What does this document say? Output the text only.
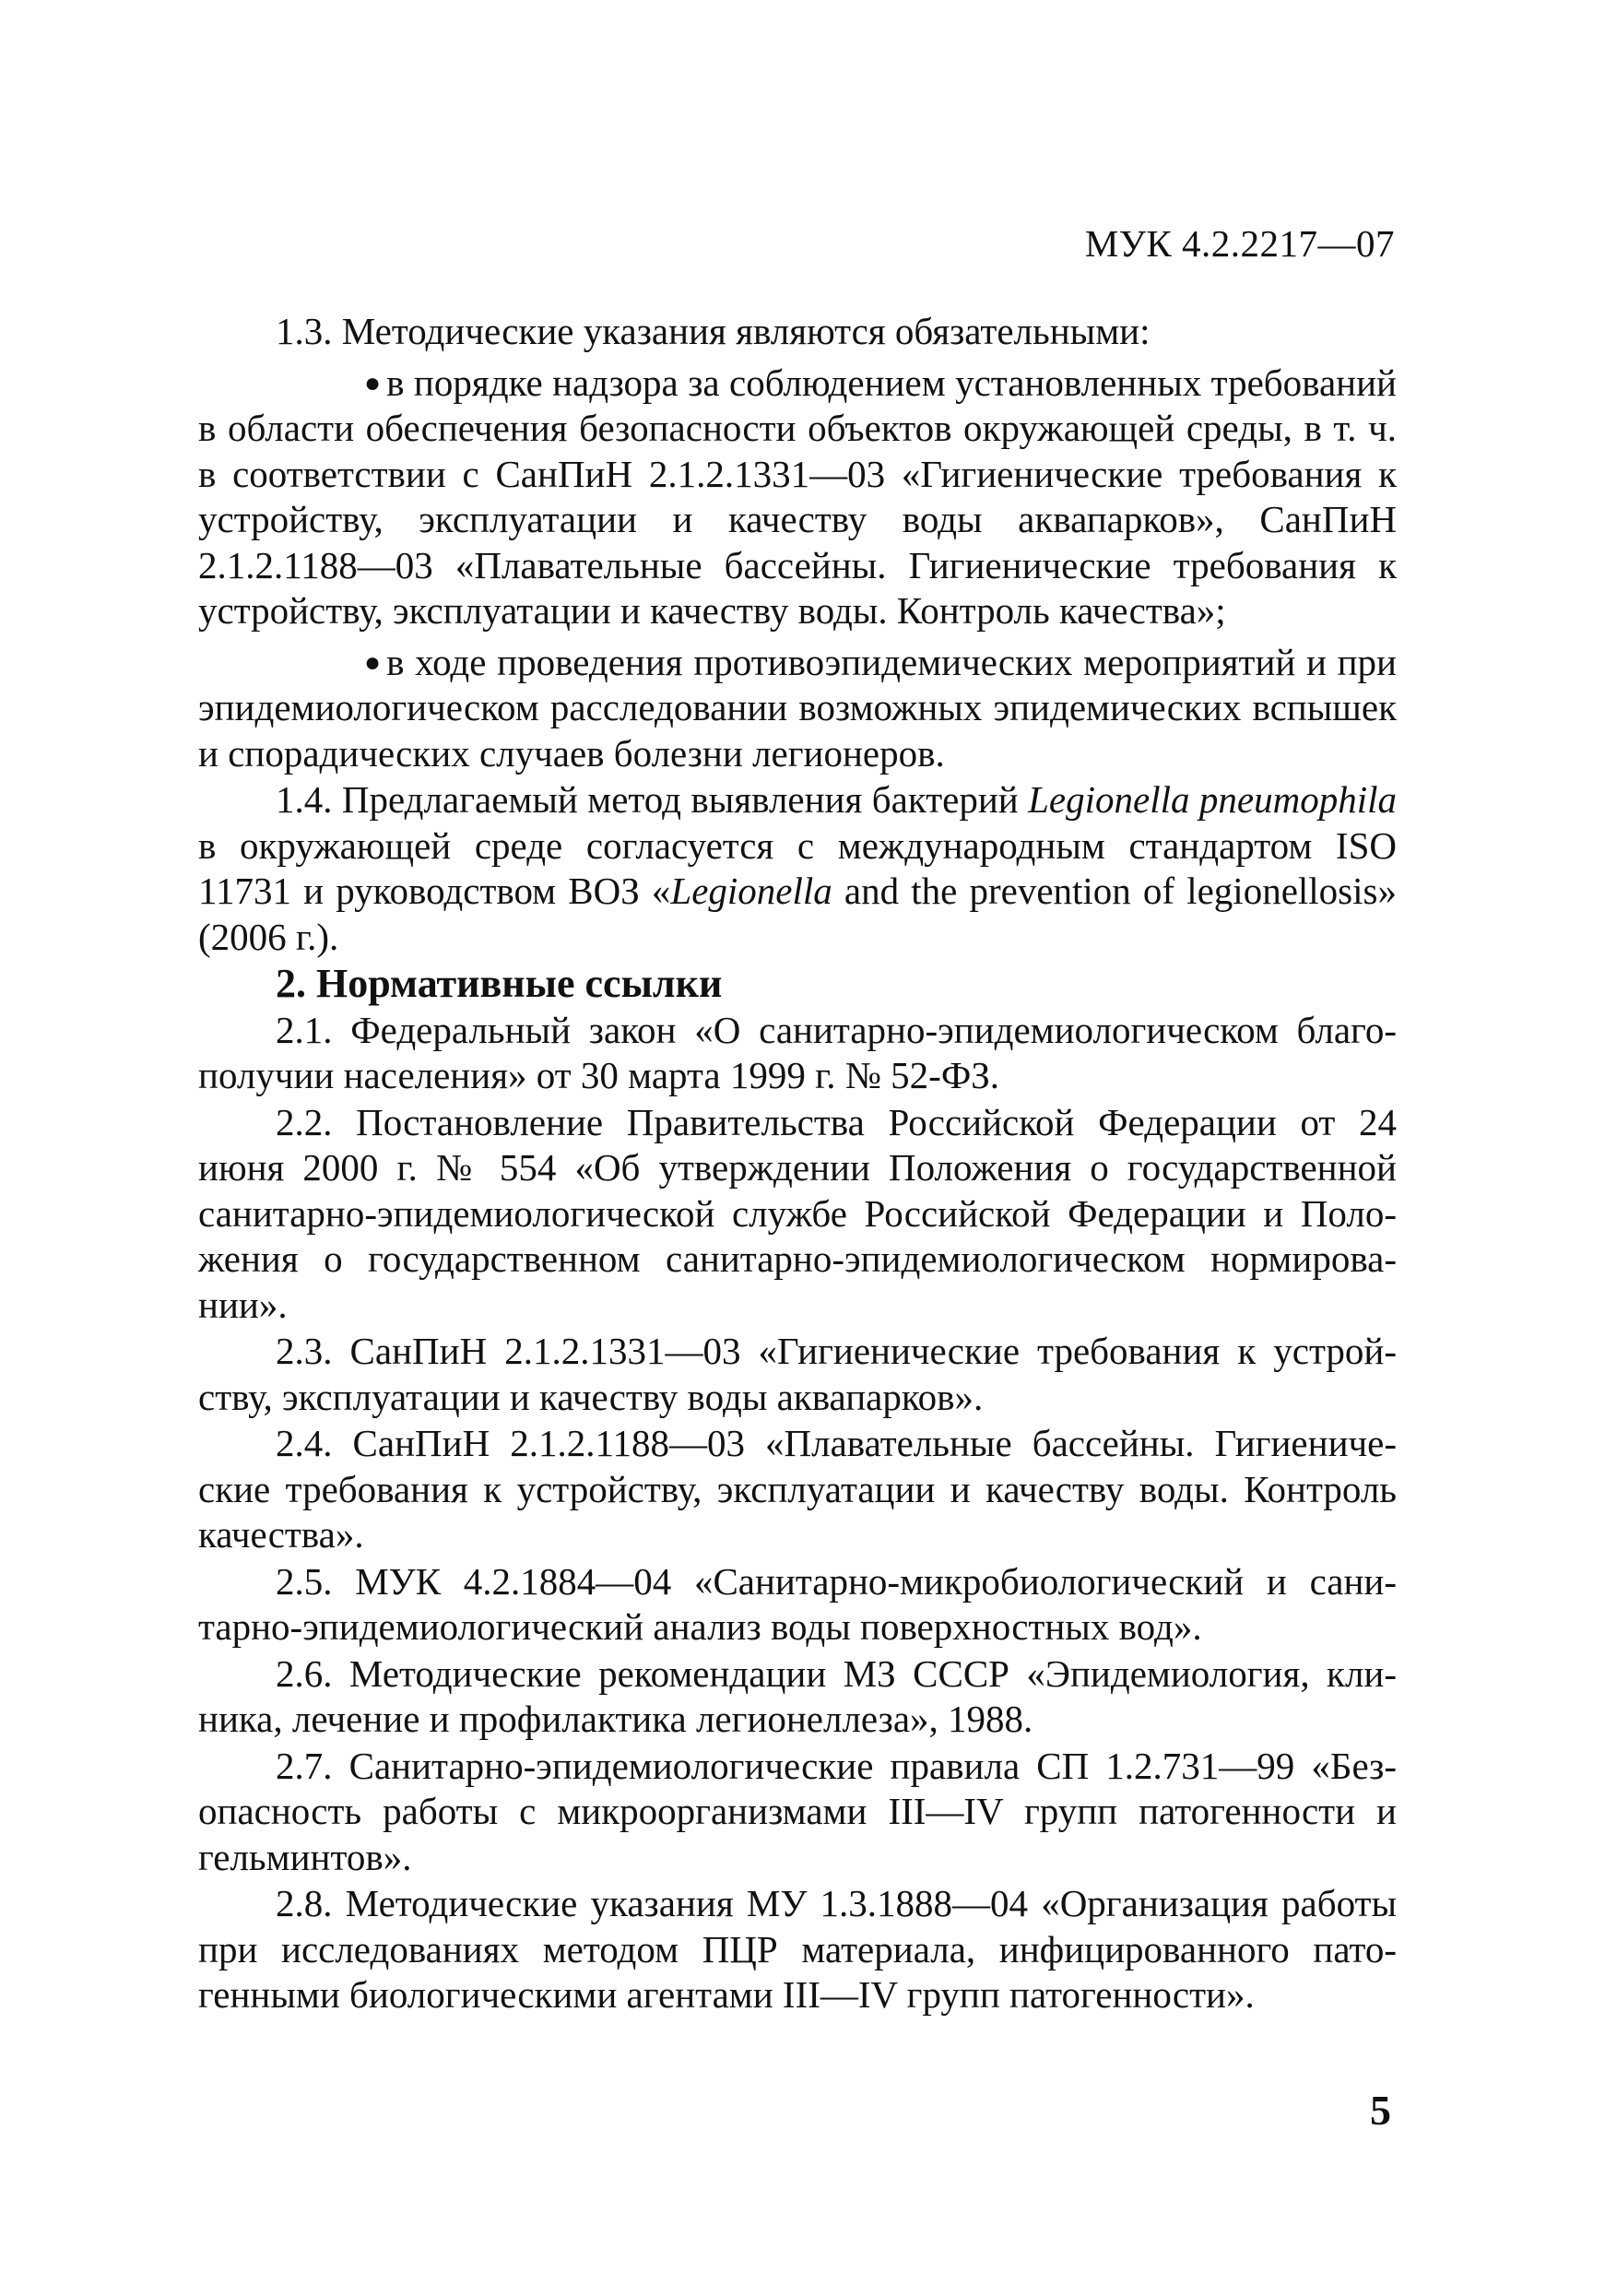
МУК 4.2.2217—07

1.3. Методические указания являются обязательными:

● в порядке надзора за соблюдением установленных требований в области обеспечения безопасности объектов окружающей среды, в т. ч. в соответствии с СанПиН 2.1.2.1331—03 «Гигиенические требования к устройству, эксплуатации и качеству воды аквапарков», СанПиН 2.1.2.1188—03 «Плавательные бассейны. Гигиенические требования к устройству, эксплуатации и качеству воды. Контроль качества»;

● в ходе проведения противоэпидемических мероприятий и при эпидемиологическом расследовании возможных эпидемических вспышек и спорадических случаев болезни легионеров.

1.4. Предлагаемый метод выявления бактерий Legionella pneumophila в окружающей среде согласуется с международным стандартом ISO 11731 и руководством ВОЗ «Legionella and the prevention of legionellosis» (2006 г.).

2. Нормативные ссылки

2.1. Федеральный закон «О санитарно-эпидемиологическом благополучии населения» от 30 марта 1999 г. № 52-ФЗ.

2.2. Постановление Правительства Российской Федерации от 24 июня 2000 г. № 554 «Об утверждении Положения о государственной санитарно-эпидемиологической службе Российской Федерации и Положения о государственном санитарно-эпидемиологическом нормировании».

2.3. СанПиН 2.1.2.1331—03 «Гигиенические требования к устройству, эксплуатации и качеству воды аквапарков».

2.4. СанПиН 2.1.2.1188—03 «Плавательные бассейны. Гигиенические требования к устройству, эксплуатации и качеству воды. Контроль качества».

2.5. МУК 4.2.1884—04 «Санитарно-микробиологический и санитарно-эпидемиологический анализ воды поверхностных вод».

2.6. Методические рекомендации МЗ СССР «Эпидемиология, клиника, лечение и профилактика легионеллеза», 1988.

2.7. Санитарно-эпидемиологические правила СП 1.2.731—99 «Безопасность работы с микроорганизмами III—IV групп патогенности и гельминтов».

2.8. Методические указания МУ 1.3.1888—04 «Организация работы при исследованиях методом ПЦР материала, инфицированного патогенными биологическими агентами III—IV групп патогенности».

5
